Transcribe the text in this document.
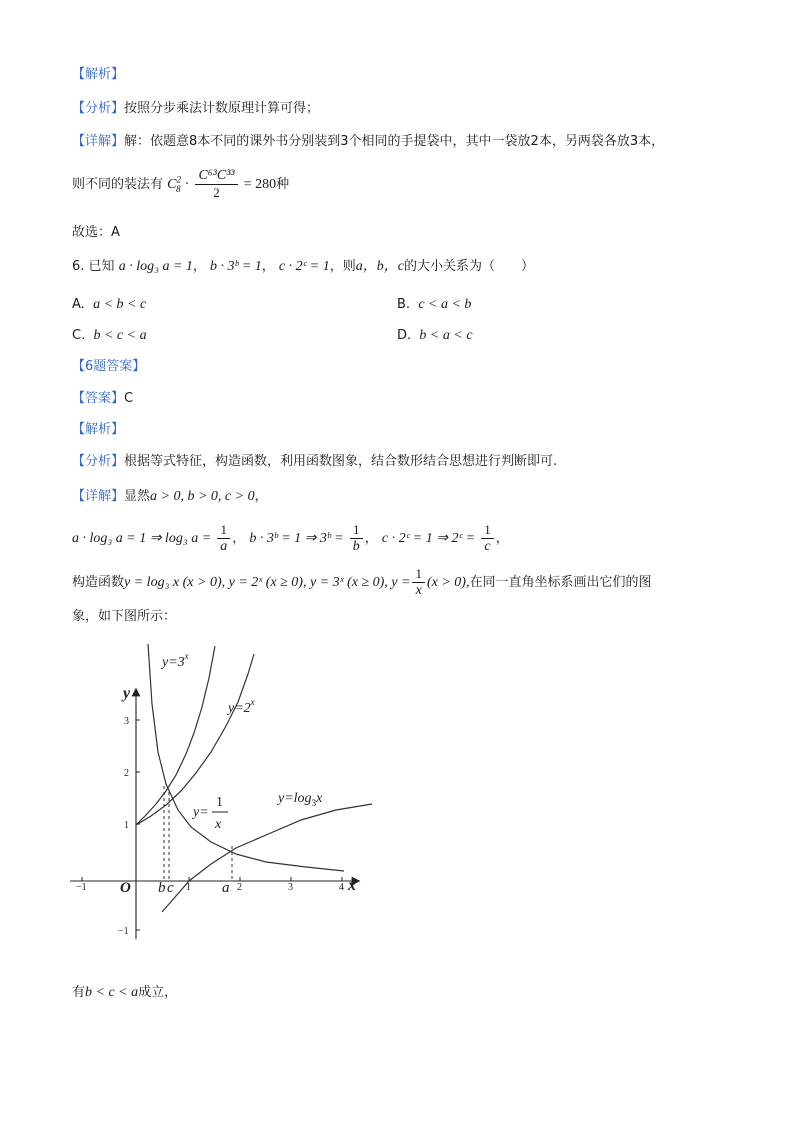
【解析】
【分析】按照分步乘法计数原理计算可得；
【详解】解：依题意8本不同的课外书分别装到3个相同的手提袋中，其中一袋放2本，另两袋各放3本，
则不同的装法有 $C^2_8 \cdot \frac{\text{C⁶³C³³}}{2} = 280$种
故选：A
6. 已知 a · log₃ a = 1， b · 3ᵇ = 1， c · 2ᶜ = 1，则a，b，c的大小关系为（　　）
A. a < b < c	B. c < a < b
C. b < c < a	D. b < a < c
【6题答案】
【答案】C
【解析】
【分析】根据等式特征，构造函数，利用函数图象，结合数形结合思想进行判断即可.
【详解】显然a > 0, b > 0, c > 0，
a · log₃ a = 1 ⇒ log₃ $a = \frac{1}{a}$ ， b · 3ᵇ = 1 ⇒ 3ᵇ = $\frac{1}{b}$ ， c · 2ᶜ = 1 ⇒ 2ᶜ = $\frac{1}{c}$ ，
构造函数y = log₃ x (x > 0), y = 2ˣ (x ≥ 0), y = 3ˣ (x ≥ 0), $y = \frac{1}{x} (x > 0)$,在同一直角坐标系画出它们的图
象，如下图所示：
y
x
O
−1	1	2	3	4
3
2
1
−1
b c	a
$y=3^x$
$y=2^x$
y=
1
x
$y=\log_3x$
有b < c < a成立，
